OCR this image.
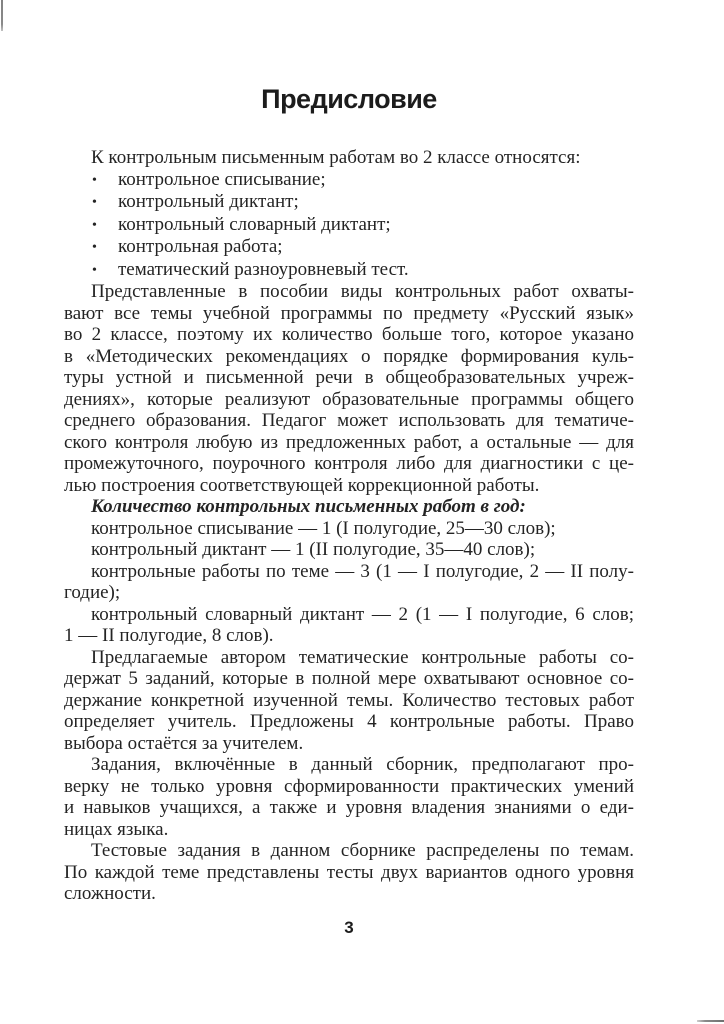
Предисловие
К контрольным письменным работам во 2 классе относятся:
• контрольное списывание;
• контрольный диктант;
• контрольный словарный диктант;
• контрольная работа;
• тематический разноуровневый тест.
Представленные в пособии виды контрольных работ охваты-
вают все темы учебной программы по предмету «Русский язык»
во 2 классе, поэтому их количество больше того, которое указано
в «Методических рекомендациях о порядке формирования куль-
туры устной и письменной речи в общеобразовательных учреж-
дениях», которые реализуют образовательные программы общего
среднего образования. Педагог может использовать для тематиче-
ского контроля любую из предложенных работ, а остальные — для
промежуточного, поурочного контроля либо для диагностики с це-
лью построения соответствующей коррекционной работы.
Количество контрольных письменных работ в год:
контрольное списывание — 1 (I полугодие, 25—30 слов);
контрольный диктант — 1 (II полугодие, 35—40 слов);
контрольные работы по теме — 3 (1 — I полугодие, 2 — II полу-
годие);
контрольный словарный диктант — 2 (1 — I полугодие, 6 слов;
1 — II полугодие, 8 слов).
Предлагаемые автором тематические контрольные работы со-
держат 5 заданий, которые в полной мере охватывают основное со-
держание конкретной изученной темы. Количество тестовых работ
определяет учитель. Предложены 4 контрольные работы. Право
выбора остаётся за учителем.
Задания, включённые в данный сборник, предполагают про-
верку не только уровня сформированности практических умений
и навыков учащихся, а также и уровня владения знаниями о еди-
ницах языка.
Тестовые задания в данном сборнике распределены по темам.
По каждой теме представлены тесты двух вариантов одного уровня
сложности.
3
